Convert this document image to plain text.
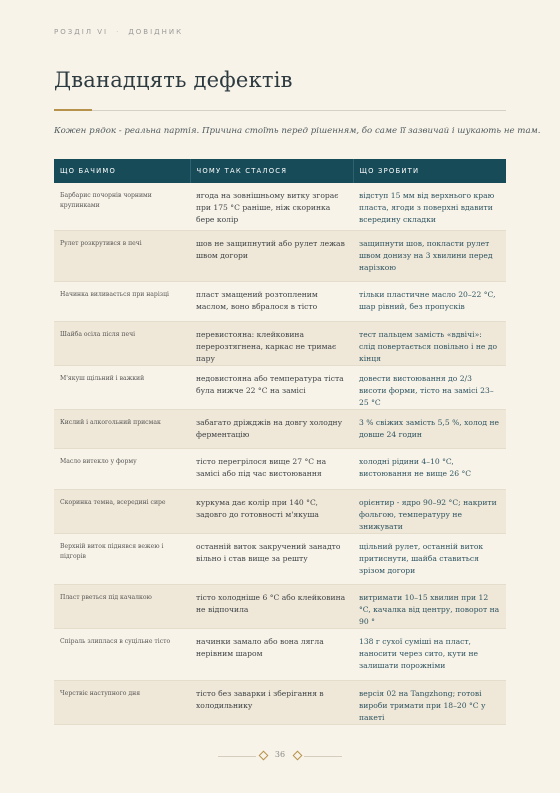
РОЗДІЛ VI · ДОВІДНИК
Дванадцять дефектів
Кожен рядок - реальна партія. Причина стоїть перед рішенням, бо саме її зазвичай і шукають не там.
ЩО БАЧИМО	ЧОМУ ТАК СТАЛОСЯ	ЩО ЗРОБИТИ
Барбарис почорнів чорними крупинками	ягода на зовнішньому витку згорає при 175 °C раніше, ніж скоринка бере колір	відступ 15 мм від верхнього краю пласта, ягоди з поверхні вдавити всередину складки
Рулет розкрутився в печі	шов не защипнутий або рулет лежав швом догори	защипнути шов, покласти рулет швом донизу на 3 хвилини перед нарізкою
Начинка виливається при нарізці	пласт змащений розтопленим маслом, воно вбралося в тісто	тільки пластичне масло 20–22 °C, шар рівний, без пропусків
Шайба осіла після печі	перевистояна: клейковина перерозтягнена, каркас не тримає пару	тест пальцем замість «вдвічі»: слід повертається повільно і не до кінця
М'якуш щільний і важкий	недовистояна або температура тіста була нижче 22 °C на замісі	довести вистоювання до 2/3 висоти форми, тісто на замісі 23–25 °C
Кислий і алкогольний присмак	забагато дріжджів на довгу холодну ферментацію	3 % свіжих замість 5,5 %, холод не довше 24 годин
Масло витекло у форму	тісто перегрілося вище 27 °C на замісі або під час вистоювання	холодні рідини 4–10 °C, вистоювання не вище 26 °C
Скоринка темна, всередині сире	куркума дає колір при 140 °C, задовго до готовності м'якуша	орієнтир - ядро 90–92 °C; накрити фольгою, температуру не знижувати
Верхній виток піднявся вежею і підгорів	останній виток закручений занадто вільно і став вище за решту	щільний рулет, останній виток притиснути, шайба ставиться зрізом догори
Пласт рветься під качалкою	тісто холодніше 6 °C або клейковина не відпочила	витримати 10–15 хвилин при 12 °C, качалка від центру, поворот на 90 °
Спіраль злиплася в суцільне тісто	начинки замало або вона лягла нерівним шаром	138 г сухої суміші на пласт, наносити через сито, кути не залишати порожніми
Черствіє наступного дня	тісто без заварки і зберігання в холодильнику	версія 02 на Tangzhong; готові вироби тримати при 18–20 °C у пакеті
36
